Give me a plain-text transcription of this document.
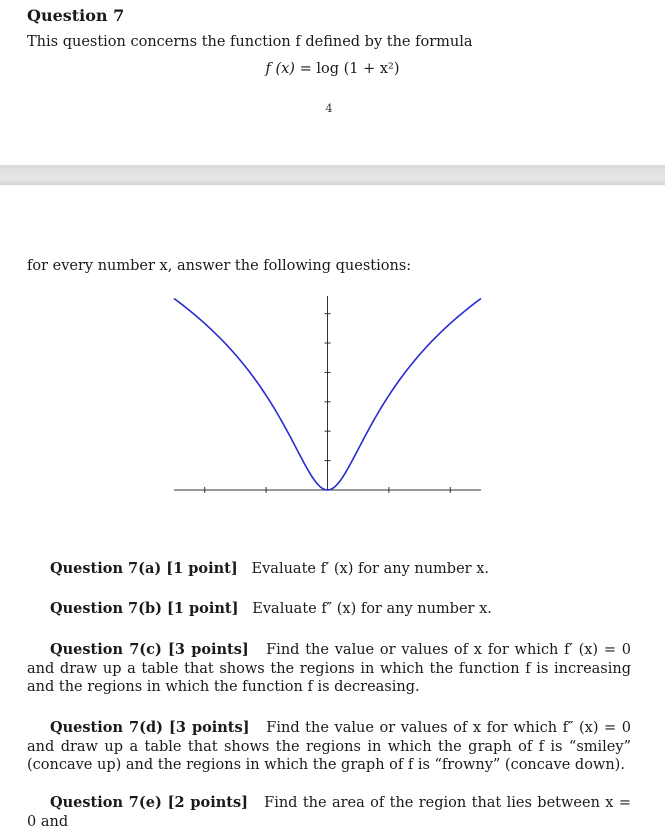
Question 7
This question concerns the function f defined by the formula
f (x) = log (1 + x²)
4
for every number x, answer the following questions:
Question 7(a) [1 point] Evaluate f′ (x) for any number x.
Question 7(b) [1 point] Evaluate f″ (x) for any number x.
Question 7(c) [3 points] Find the value or values of x for which f′ (x) = 0 and draw up a table that shows the regions in which the function f is increasing and the regions in which the function f is decreasing.
Question 7(d) [3 points] Find the value or values of x for which f″ (x) = 0 and draw up a table that shows the regions in which the graph of f is “smiley” (concave up) and the regions in which the graph of f is “frowny” (concave down).
Question 7(e) [2 points] Find the area of the region that lies between x = 0 and
